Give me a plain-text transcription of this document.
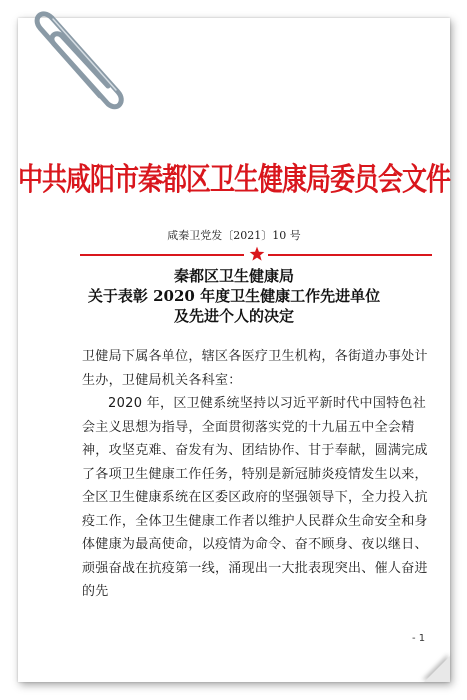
中共咸阳市秦都区卫生健康局委员会文件
咸秦卫党发〔2021〕10 号
秦都区卫生健康局
关于表彰 2020 年度卫生健康工作先进单位
及先进个人的决定
卫健局下属各单位，辖区各医疗卫生机构，各街道办事处计生办，卫健局机关各科室：
2020 年，区卫健系统坚持以习近平新时代中国特色社会主义思想为指导，全面贯彻落实党的十九届五中全会精神，攻坚克难、奋发有为、团结协作、甘于奉献，圆满完成了各项卫生健康工作任务，特别是新冠肺炎疫情发生以来，全区卫生健康系统在区委区政府的坚强领导下，全力投入抗疫工作，全体卫生健康工作者以维护人民群众生命安全和身体健康为最高使命，以疫情为命令、奋不顾身、夜以继日、顽强奋战在抗疫第一线，涌现出一大批表现突出、催人奋进的先
- 1
